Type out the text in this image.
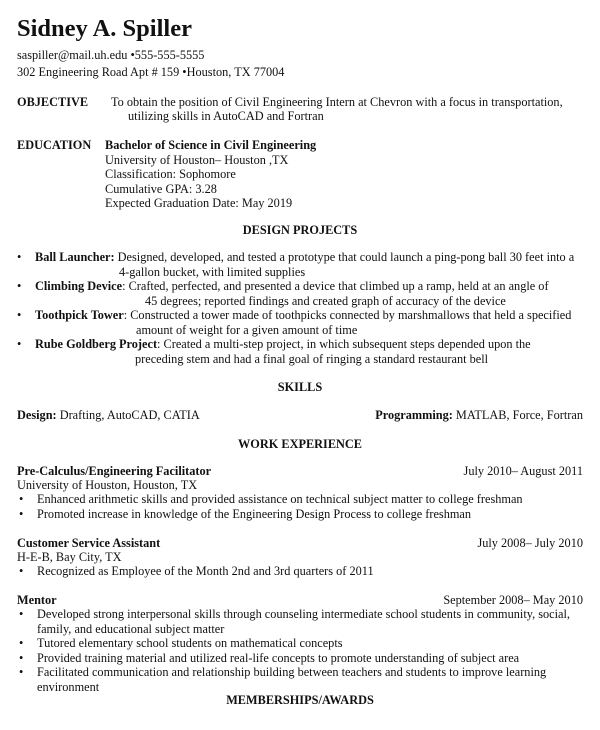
Sidney A. Spiller
saspiller@mail.uh.edu • 555-555-5555
302 Engineering Road Apt # 159 • Houston, TX 77004
OBJECTIVE To obtain the position of Civil Engineering Intern at Chevron with a focus in transportation,
utilizing skills in AutoCAD and Fortran
EDUCATION Bachelor of Science in Civil Engineering
University of Houston– Houston ,TX
Classification: Sophomore
Cumulative GPA: 3.28
Expected Graduation Date: May 2019
DESIGN PROJECTS
• Ball Launcher: Designed, developed, and tested a prototype that could launch a ping-pong ball 30 feet into a
4-gallon bucket, with limited supplies
• Climbing Device: Crafted, perfected, and presented a device that climbed up a ramp, held at an angle of
45 degrees; reported findings and created graph of accuracy of the device
• Toothpick Tower: Constructed a tower made of toothpicks connected by marshmallows that held a specified
amount of weight for a given amount of time
• Rube Goldberg Project: Created a multi-step project, in which subsequent steps depended upon the
preceding stem and had a final goal of ringing a standard restaurant bell
SKILLS
Design: Drafting, AutoCAD, CATIA	Programming: MATLAB, Force, Fortran
WORK EXPERIENCE
Pre-Calculus/Engineering Facilitator	July 2010– August 2011
University of Houston, Houston, TX
• Enhanced arithmetic skills and provided assistance on technical subject matter to college freshman
• Promoted increase in knowledge of the Engineering Design Process to college freshman
Customer Service Assistant	July 2008– July 2010
H-E-B, Bay City, TX
• Recognized as Employee of the Month 2nd and 3rd quarters of 2011
Mentor	September 2008– May 2010
• Developed strong interpersonal skills through counseling intermediate school students in community, social, family, and educational subject matter
• Tutored elementary school students on mathematical concepts
• Provided training material and utilized real-life concepts to promote understanding of subject area
• Facilitated communication and relationship building between teachers and students to improve learning environment
MEMBERSHIPS/AWARDS
